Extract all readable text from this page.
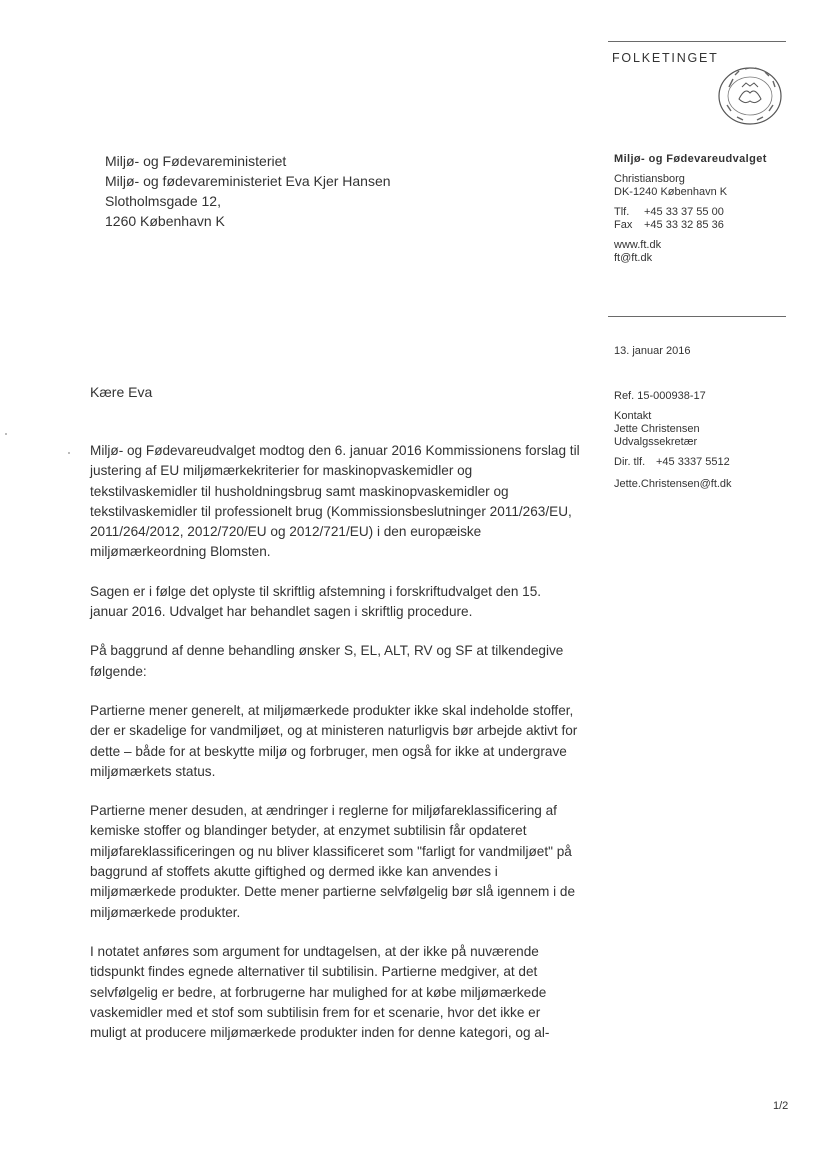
FOLKETINGET
Miljø- og Fødevareudvalget
Christiansborg
DK-1240 København K
Tlf.	+45 33 37 55 00
Fax	+45 33 32 85 36
www.ft.dk
ft@ft.dk
Miljø- og Fødevareministeriet
Miljø- og fødevareministeriet Eva Kjer Hansen
Slotholmsgade 12,
1260 København K
13. januar 2016
Ref. 15-000938-17
Kontakt
Jette Christensen
Udvalgssekretær
Dir. tlf. +45 3337 5512
Jette.Christensen@ft.dk
Kære Eva

Miljø- og Fødevareudvalget modtog den 6. januar 2016 Kommissionens forslag til justering af EU miljømærkekriterier for maskinopvaskemidler og tekstilvaskemidler til husholdningsbrug samt maskinopvaskemidler og tekstilvaskemidler til professionelt brug (Kommissionsbeslutninger 2011/263/EU, 2011/264/2012, 2012/720/EU og 2012/721/EU) i den europæiske miljømærkeordning Blomsten.

Sagen er i følge det oplyste til skriftlig afstemning i forskriftudvalget den 15. januar 2016. Udvalget har behandlet sagen i skriftlig procedure.

På baggrund af denne behandling ønsker S, EL, ALT, RV og SF at tilkendegive følgende:

Partierne mener generelt, at miljømærkede produkter ikke skal indeholde stoffer, der er skadelige for vandmiljøet, og at ministeren naturligvis bør arbejde aktivt for dette – både for at beskytte miljø og forbruger, men også for ikke at undergrave miljømærkets status.

Partierne mener desuden, at ændringer i reglerne for miljøfareklassificering af kemiske stoffer og blandinger betyder, at enzymet subtilisin får opdateret miljøfareklassificeringen og nu bliver klassificeret som "farligt for vandmiljøet" på baggrund af stoffets akutte giftighed og dermed ikke kan anvendes i miljømærkede produkter. Dette mener partierne selvfølgelig bør slå igennem i de miljømærkede produkter.

I notatet anføres som argument for undtagelsen, at der ikke på nuværende tidspunkt findes egnede alternativer til subtilisin. Partierne medgiver, at det selvfølgelig er bedre, at forbrugerne har mulighed for at købe miljømærkede vaskemidler med et stof som subtilisin frem for et scenarie, hvor det ikke er muligt at producere miljømærkede produkter inden for denne kategori, og al-

1/2
